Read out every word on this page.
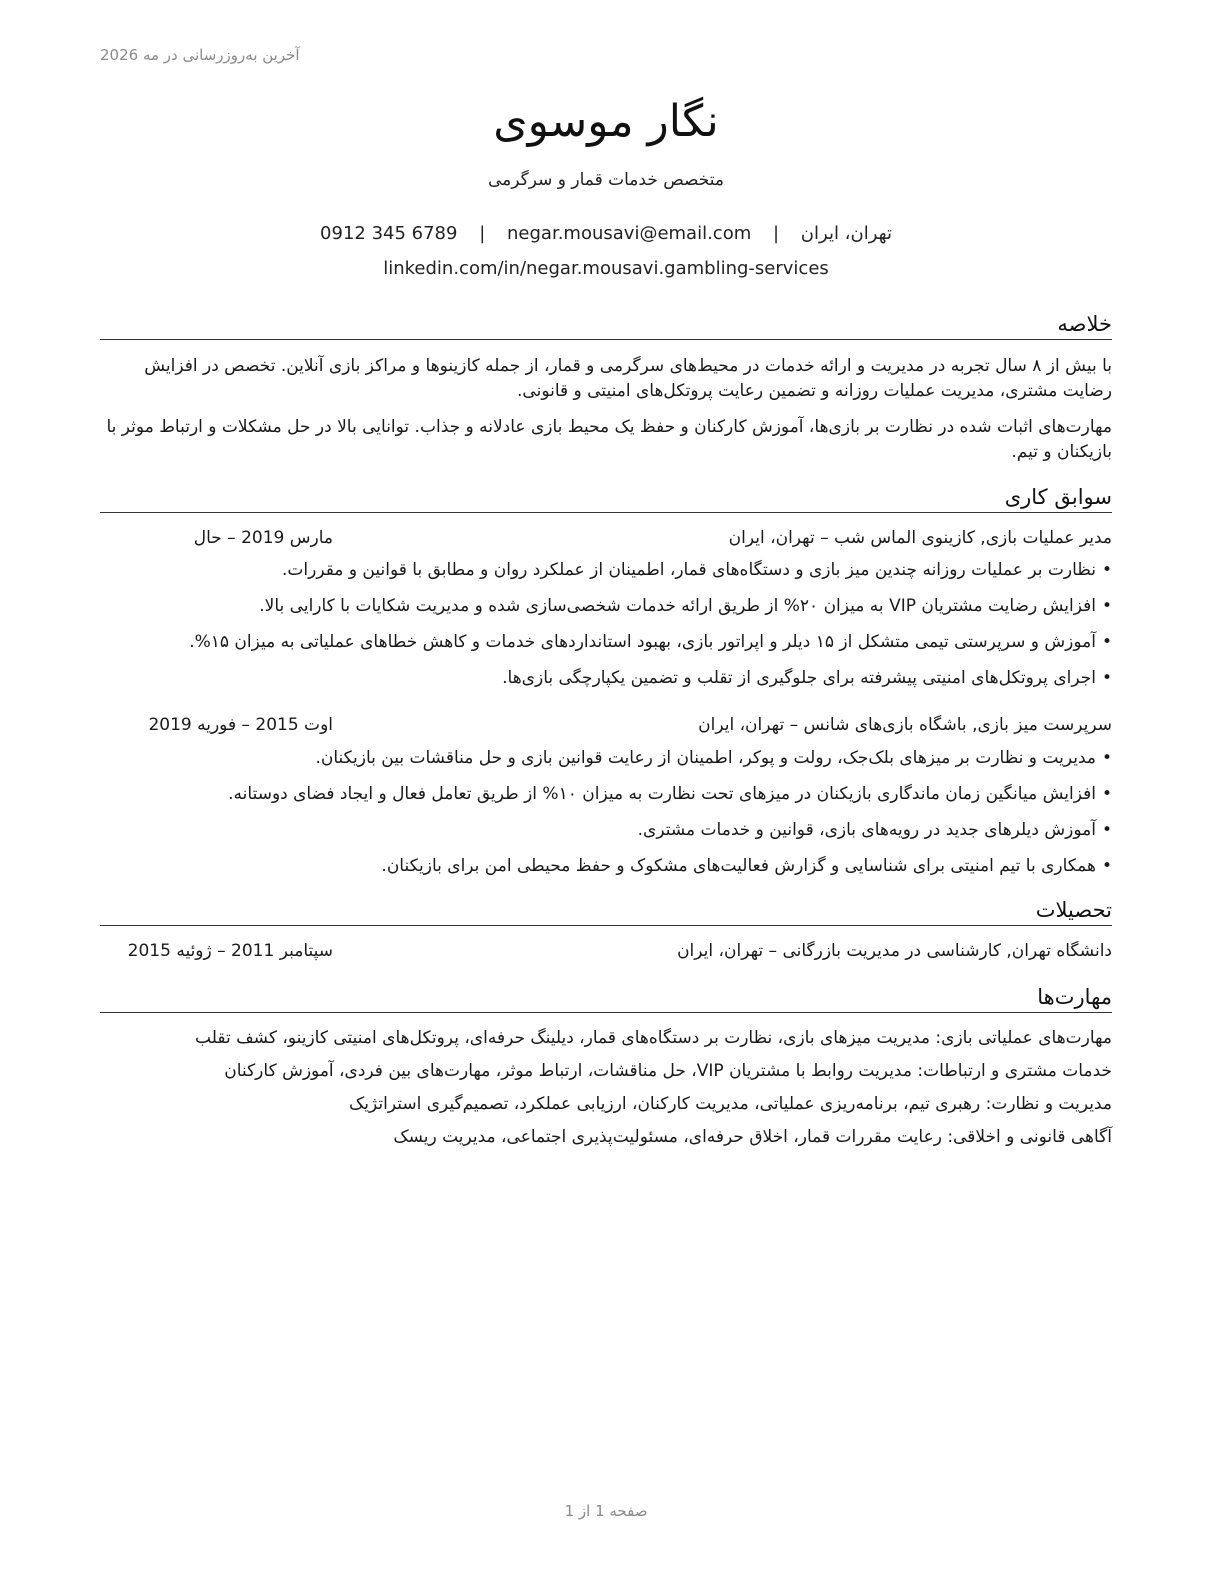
آخرین به‌روزرسانی در مه 2026
نگار موسوی
متخصص خدمات قمار و سرگرمی
تهران، ایران | negar.mousavi@email.com | 0912 345 6789
linkedin.com/in/negar.mousavi.gambling-services
خلاصه
با بیش از ۸ سال تجربه در مدیریت و ارائه خدمات در محیط‌های سرگرمی و قمار، از جمله کازینوها و مراکز بازی آنلاین. تخصص در افزایش رضایت مشتری، مدیریت عملیات روزانه و تضمین رعایت پروتکل‌های امنیتی و قانونی.
مهارت‌های اثبات شده در نظارت بر بازی‌ها، آموزش کارکنان و حفظ یک محیط بازی عادلانه و جذاب. توانایی بالا در حل مشکلات و ارتباط موثر با بازیکنان و تیم.
سوابق کاری
مدیر عملیات بازی, کازینوی الماس شب – تهران، ایران
مارس 2019 – حال
•نظارت بر عملیات روزانه چندین میز بازی و دستگاه‌های قمار، اطمینان از عملکرد روان و مطابق با قوانین و مقررات.
•افزایش رضایت مشتریان VIP به میزان ۲۰% از طریق ارائه خدمات شخصی‌سازی شده و مدیریت شکایات با کارایی بالا.
•آموزش و سرپرستی تیمی متشکل از ۱۵ دیلر و اپراتور بازی، بهبود استانداردهای خدمات و کاهش خطاهای عملیاتی به میزان ۱۵%.
•اجرای پروتکل‌های امنیتی پیشرفته برای جلوگیری از تقلب و تضمین یکپارچگی بازی‌ها.
سرپرست میز بازی, باشگاه بازی‌های شانس – تهران، ایران
اوت 2015 – فوریه 2019
•مدیریت و نظارت بر میزهای بلک‌جک، رولت و پوکر، اطمینان از رعایت قوانین بازی و حل مناقشات بین بازیکنان.
•افزایش میانگین زمان ماندگاری بازیکنان در میزهای تحت نظارت به میزان ۱۰% از طریق تعامل فعال و ایجاد فضای دوستانه.
•آموزش دیلرهای جدید در رویه‌های بازی، قوانین و خدمات مشتری.
•همکاری با تیم امنیتی برای شناسایی و گزارش فعالیت‌های مشکوک و حفظ محیطی امن برای بازیکنان.
تحصیلات
دانشگاه تهران, کارشناسی در مدیریت بازرگانی – تهران، ایران
سپتامبر 2011 – ژوئیه 2015
مهارت‌ها
مهارت‌های عملیاتی بازی: مدیریت میزهای بازی، نظارت بر دستگاه‌های قمار، دیلینگ حرفه‌ای، پروتکل‌های امنیتی کازینو، کشف تقلب
خدمات مشتری و ارتباطات: مدیریت روابط با مشتریان VIP، حل مناقشات، ارتباط موثر، مهارت‌های بین فردی، آموزش کارکنان
مدیریت و نظارت: رهبری تیم، برنامه‌ریزی عملیاتی، مدیریت کارکنان، ارزیابی عملکرد، تصمیم‌گیری استراتژیک
آگاهی قانونی و اخلاقی: رعایت مقررات قمار، اخلاق حرفه‌ای، مسئولیت‌پذیری اجتماعی، مدیریت ریسک
صفحه 1 از 1
